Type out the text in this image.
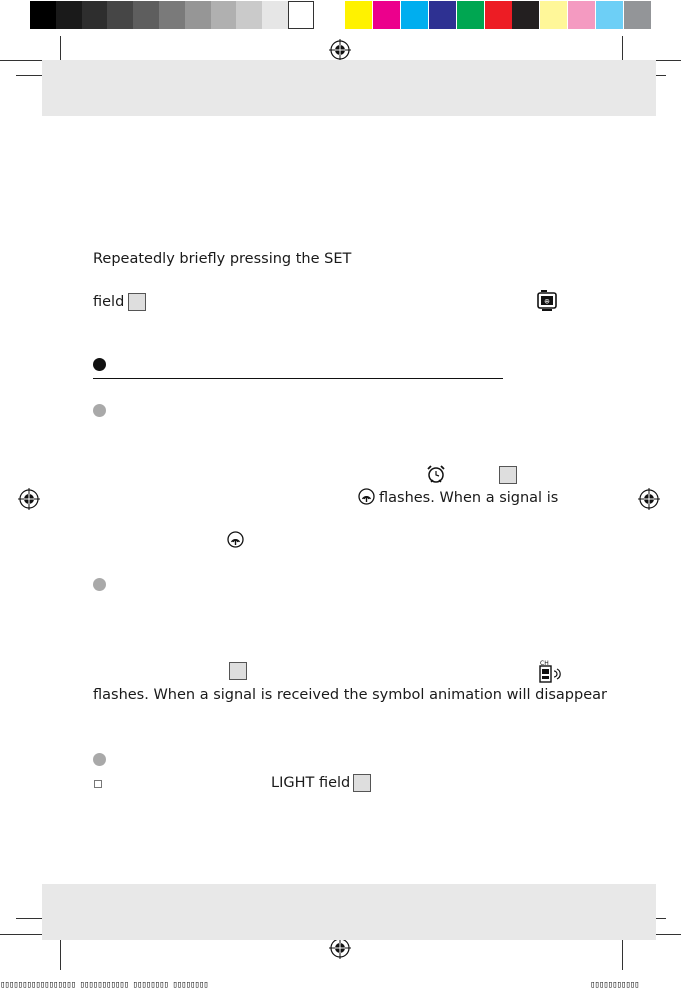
Repeatedly briefly pressing the SET
field	⊕
flashes. When a signal is
CH
flashes. When a signal is received the symbol animation will disappear
LIGHT field
▯▯▯▯▯▯▯▯▯▯▯▯▯▯▯▯▯ ▯▯▯▯▯▯▯▯▯▯▯ ▯▯▯▯▯▯▯▯ ▯▯▯▯▯▯▯▯	▯▯▯▯▯▯▯▯▯▯▯
